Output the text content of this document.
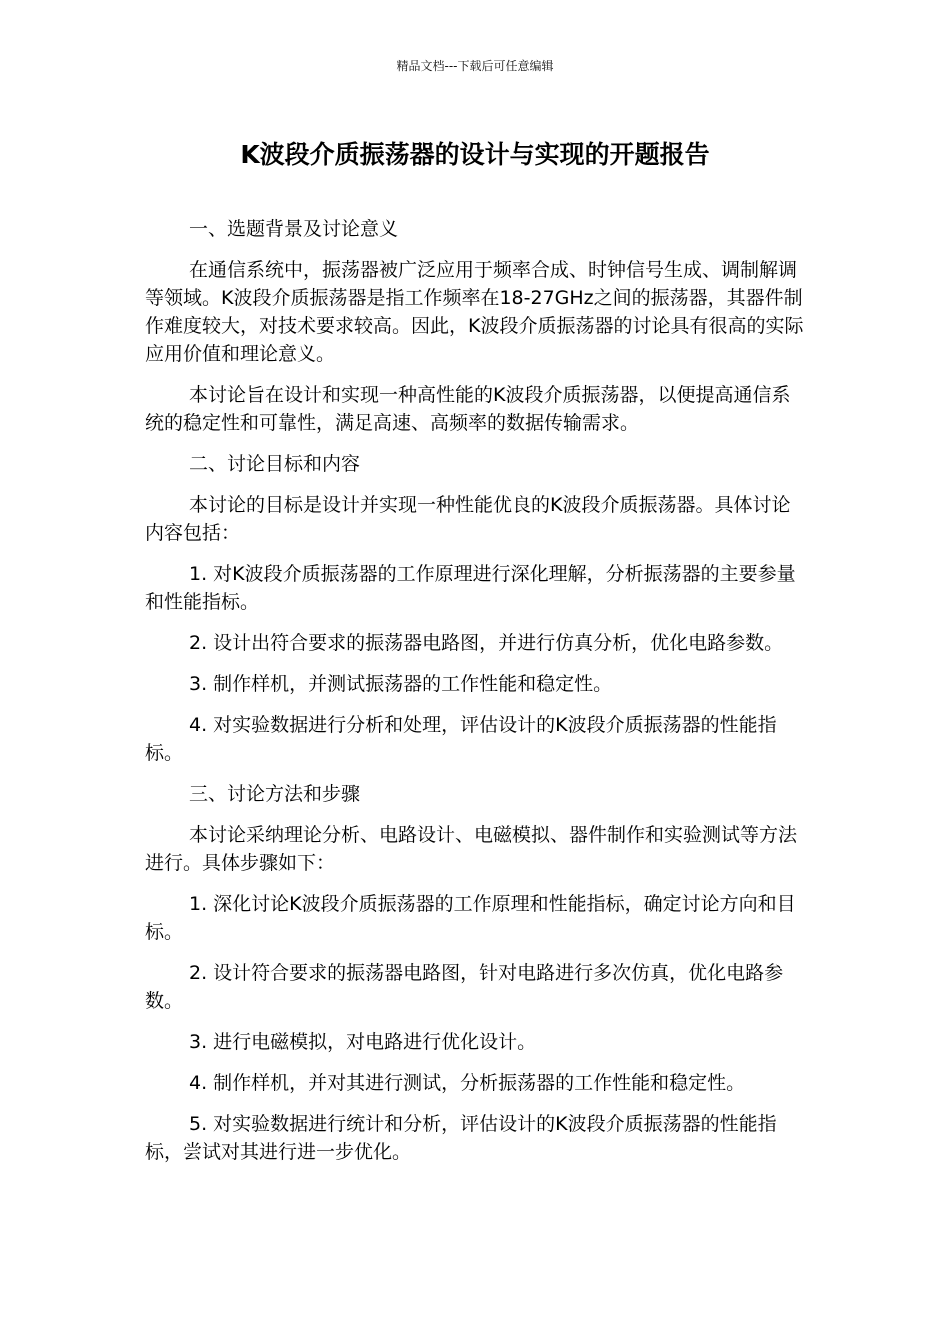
精品文档---下载后可任意编辑
K波段介质振荡器的设计与实现的开题报告

一、选题背景及讨论意义

在通信系统中，振荡器被广泛应用于频率合成、时钟信号生成、调制解调等领域。K波段介质振荡器是指工作频率在18-27GHz之间的振荡器，其器件制作难度较大，对技术要求较高。因此，K波段介质振荡器的讨论具有很高的实际应用价值和理论意义。

本讨论旨在设计和实现一种高性能的K波段介质振荡器，以便提高通信系统的稳定性和可靠性，满足高速、高频率的数据传输需求。

二、讨论目标和内容

本讨论的目标是设计并实现一种性能优良的K波段介质振荡器。具体讨论内容包括：

1. 对K波段介质振荡器的工作原理进行深化理解，分析振荡器的主要参量和性能指标。

2. 设计出符合要求的振荡器电路图，并进行仿真分析，优化电路参数。

3. 制作样机，并测试振荡器的工作性能和稳定性。

4. 对实验数据进行分析和处理，评估设计的K波段介质振荡器的性能指标。

三、讨论方法和步骤

本讨论采纳理论分析、电路设计、电磁模拟、器件制作和实验测试等方法进行。具体步骤如下：

1. 深化讨论K波段介质振荡器的工作原理和性能指标，确定讨论方向和目标。

2. 设计符合要求的振荡器电路图，针对电路进行多次仿真，优化电路参数。

3. 进行电磁模拟，对电路进行优化设计。

4. 制作样机，并对其进行测试，分析振荡器的工作性能和稳定性。

5. 对实验数据进行统计和分析，评估设计的K波段介质振荡器的性能指标，尝试对其进行进一步优化。
